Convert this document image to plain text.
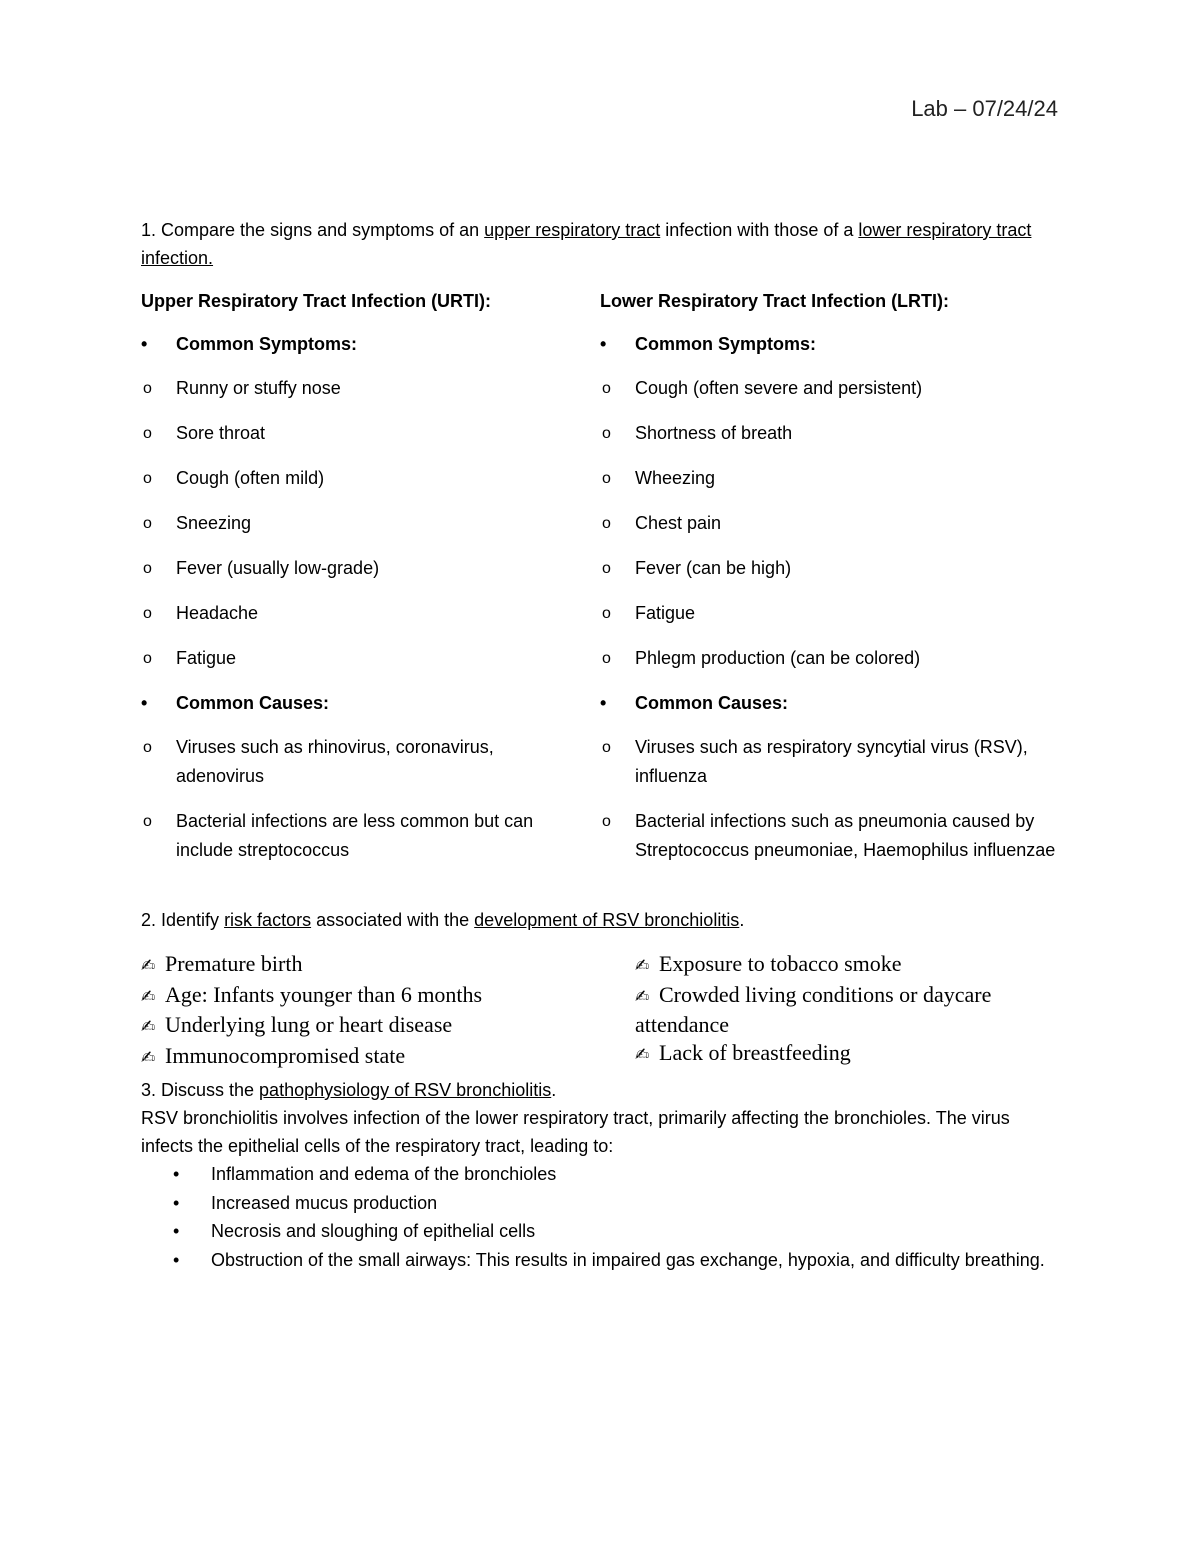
Lab – 07/24/24
1. Compare the signs and symptoms of an upper respiratory tract infection with those of a lower respiratory tract infection.
Upper Respiratory Tract Infection (URTI):
•	Common Symptoms:
o	Runny or stuffy nose
o	Sore throat
o	Cough (often mild)
o	Sneezing
o	Fever (usually low-grade)
o	Headache
o	Fatigue
•	Common Causes:
o	Viruses such as rhinovirus, coronavirus, adenovirus
o	Bacterial infections are less common but can include streptococcus
Lower Respiratory Tract Infection (LRTI):
•	Common Symptoms:
o	Cough (often severe and persistent)
o	Shortness of breath
o	Wheezing
o	Chest pain
o	Fever (can be high)
o	Fatigue
o	Phlegm production (can be colored)
•	Common Causes:
o	Viruses such as respiratory syncytial virus (RSV), influenza
o	Bacterial infections such as pneumonia caused by Streptococcus pneumoniae, Haemophilus influenzae
2. Identify risk factors associated with the development of RSV bronchiolitis.
✍ Premature birth
✍ Age: Infants younger than 6 months
✍ Underlying lung or heart disease
✍ Immunocompromised state
✍ Exposure to tobacco smoke
✍ Crowded living conditions or daycare attendance
✍ Lack of breastfeeding
3. Discuss the pathophysiology of RSV bronchiolitis.
RSV bronchiolitis involves infection of the lower respiratory tract, primarily affecting the bronchioles. The virus infects the epithelial cells of the respiratory tract, leading to:
•	Inflammation and edema of the bronchioles
•	Increased mucus production
•	Necrosis and sloughing of epithelial cells
•	Obstruction of the small airways: This results in impaired gas exchange, hypoxia, and difficulty breathing.
